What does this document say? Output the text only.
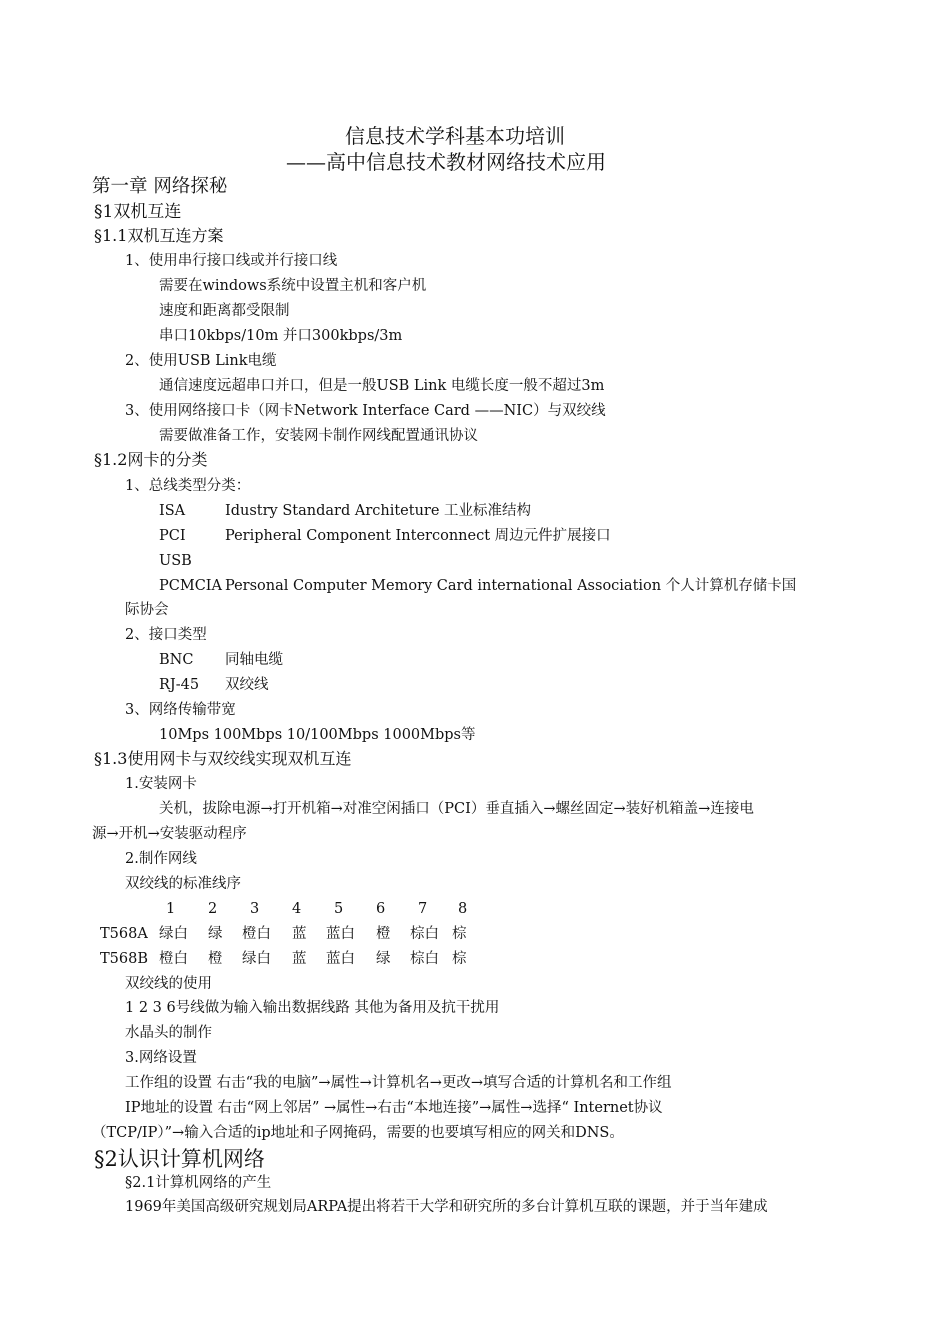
信息技术学科基本功培训
——高中信息技术教材网络技术应用
第一章 网络探秘
§1双机互连
§1.1双机互连方案
1、使用串行接口线或并行接口线
需要在windows系统中设置主机和客户机
速度和距离都受限制
串口10kbps/10m 并口300kbps/3m
2、使用USB Link电缆
通信速度远超串口并口，但是一般USB Link 电缆长度一般不超过3m
3、使用网络接口卡（网卡Network Interface Card ——NIC）与双绞线
需要做准备工作，安装网卡制作网线配置通讯协议
§1.2网卡的分类
1、总线类型分类：
ISA	Idustry Standard Architeture 工业标准结构
PCI	Peripheral Component Interconnect 周边元件扩展接口
USB
PCMCIA Personal Computer Memory Card international Association 个人计算机存储卡国
际协会
2、接口类型
BNC 同轴电缆
RJ-45 双绞线
3、网络传输带宽
10Mps 100Mbps 10/100Mbps 1000Mbps等
§1.3使用网卡与双绞线实现双机互连
1.安装网卡
关机，拔除电源→打开机箱→对准空闲插口（PCI）垂直插入→螺丝固定→装好机箱盖→连接电
源→开机→安装驱动程序
2.制作网线
双绞线的标准线序
1 2 3 4 5 6 7 8
T568A 绿白 绿 橙白 蓝 蓝白 橙 棕白 棕
T568B 橙白 橙 绿白 蓝 蓝白 绿 棕白 棕
双绞线的使用
1 2 3 6号线做为输入输出数据线路 其他为备用及抗干扰用
水晶头的制作
3.网络设置
工作组的设置 右击“我的电脑”→属性→计算机名→更改→填写合适的计算机名和工作组
IP地址的设置 右击“网上邻居” →属性→右击“本地连接”→属性→选择“ Internet协议
（TCP/IP）”→输入合适的ip地址和子网掩码，需要的也要填写相应的网关和DNS。
§2认识计算机网络
§2.1计算机网络的产生
1969年美国高级研究规划局ARPA提出将若干大学和研究所的多台计算机互联的课题，并于当年建成
